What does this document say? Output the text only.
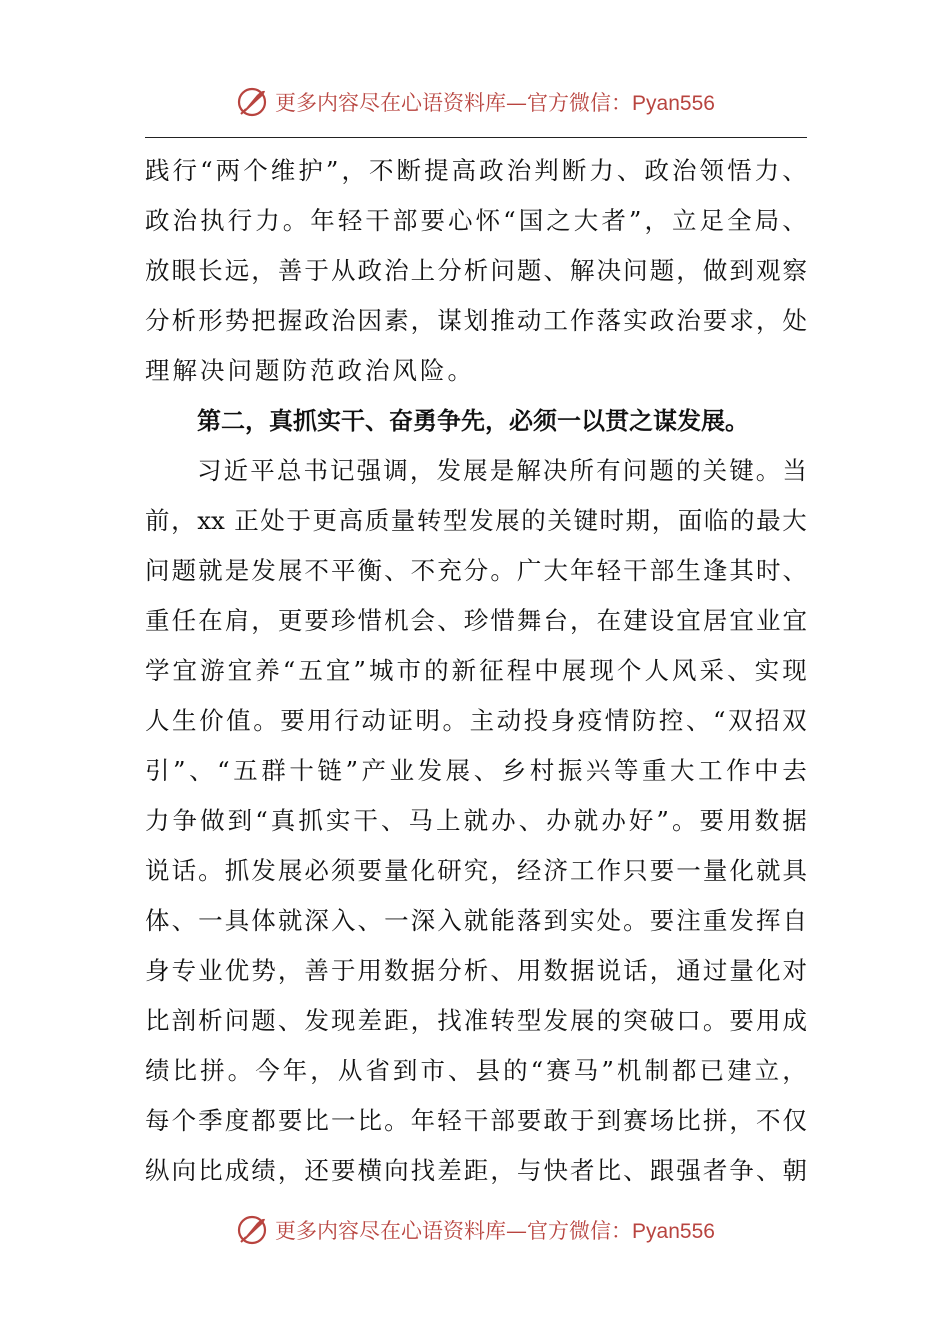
更多内容尽在心语资料库—官方微信：Pyan556
践 行 “ 两 个 维 护 ” ， 不 断 提 高 政 治 判 断 力 、 政 治 领 悟 力 、
政 治 执 行 力 。 年 轻 干 部 要 心 怀 “ 国 之 大 者 ” ， 立 足 全 局 、
放 眼 长 远 ， 善 于 从 政 治 上 分 析 问 题 、 解 决 问 题 ， 做 到 观 察
分 析 形 势 把 握 政 治 因 素 ， 谋 划 推 动 工 作 落 实 政 治 要 求 ， 处
理解决问题防范政治风险。
第二，真抓实干、奋勇争先，必须一以贯之谋发展。
习 近 平 总 书 记 强 调 ， 发 展 是 解 决 所 有 问 题 的 关 键 。 当
前 ， xx 正 处 于 更 高 质 量 转 型 发 展 的 关 键 时 期 ， 面 临 的 最 大
问 题 就 是 发 展 不 平 衡 、 不 充 分 。 广 大 年 轻 干 部 生 逢 其 时 、
重 任 在 肩 ， 更 要 珍 惜 机 会 、 珍 惜 舞 台 ， 在 建 设 宜 居 宜 业 宜
学 宜 游 宜 养 “ 五 宜 ” 城 市 的 新 征 程 中 展 现 个 人 风 采 、 实 现
人 生 价 值 。 要 用 行 动 证 明 。 主 动 投 身 疫 情 防 控 、 “ 双 招 双
引 ” 、 “ 五 群 十 链 ” 产 业 发 展 、 乡 村 振 兴 等 重 大 工 作 中 去
力 争 做 到 “ 真 抓 实 干 、 马 上 就 办 、 办 就 办 好 ” 。 要 用 数 据
说 话 。 抓 发 展 必 须 要 量 化 研 究 ， 经 济 工 作 只 要 一 量 化 就 具
体 、 一 具 体 就 深 入 、 一 深 入 就 能 落 到 实 处 。 要 注 重 发 挥 自
身 专 业 优 势 ， 善 于 用 数 据 分 析 、 用 数 据 说 话 ， 通 过 量 化 对
比 剖 析 问 题 、 发 现 差 距 ， 找 准 转 型 发 展 的 突 破 口 。 要 用 成
绩 比 拼 。 今 年 ， 从 省 到 市 、 县 的 “ 赛 马 ” 机 制 都 已 建 立 ，
每 个 季 度 都 要 比 一 比 。 年 轻 干 部 要 敢 于 到 赛 场 比 拼 ， 不 仅
纵 向 比 成 绩 ， 还 要 横 向 找 差 距 ， 与 快 者 比 、 跟 强 者 争 、 朝
更多内容尽在心语资料库—官方微信：Pyan556
